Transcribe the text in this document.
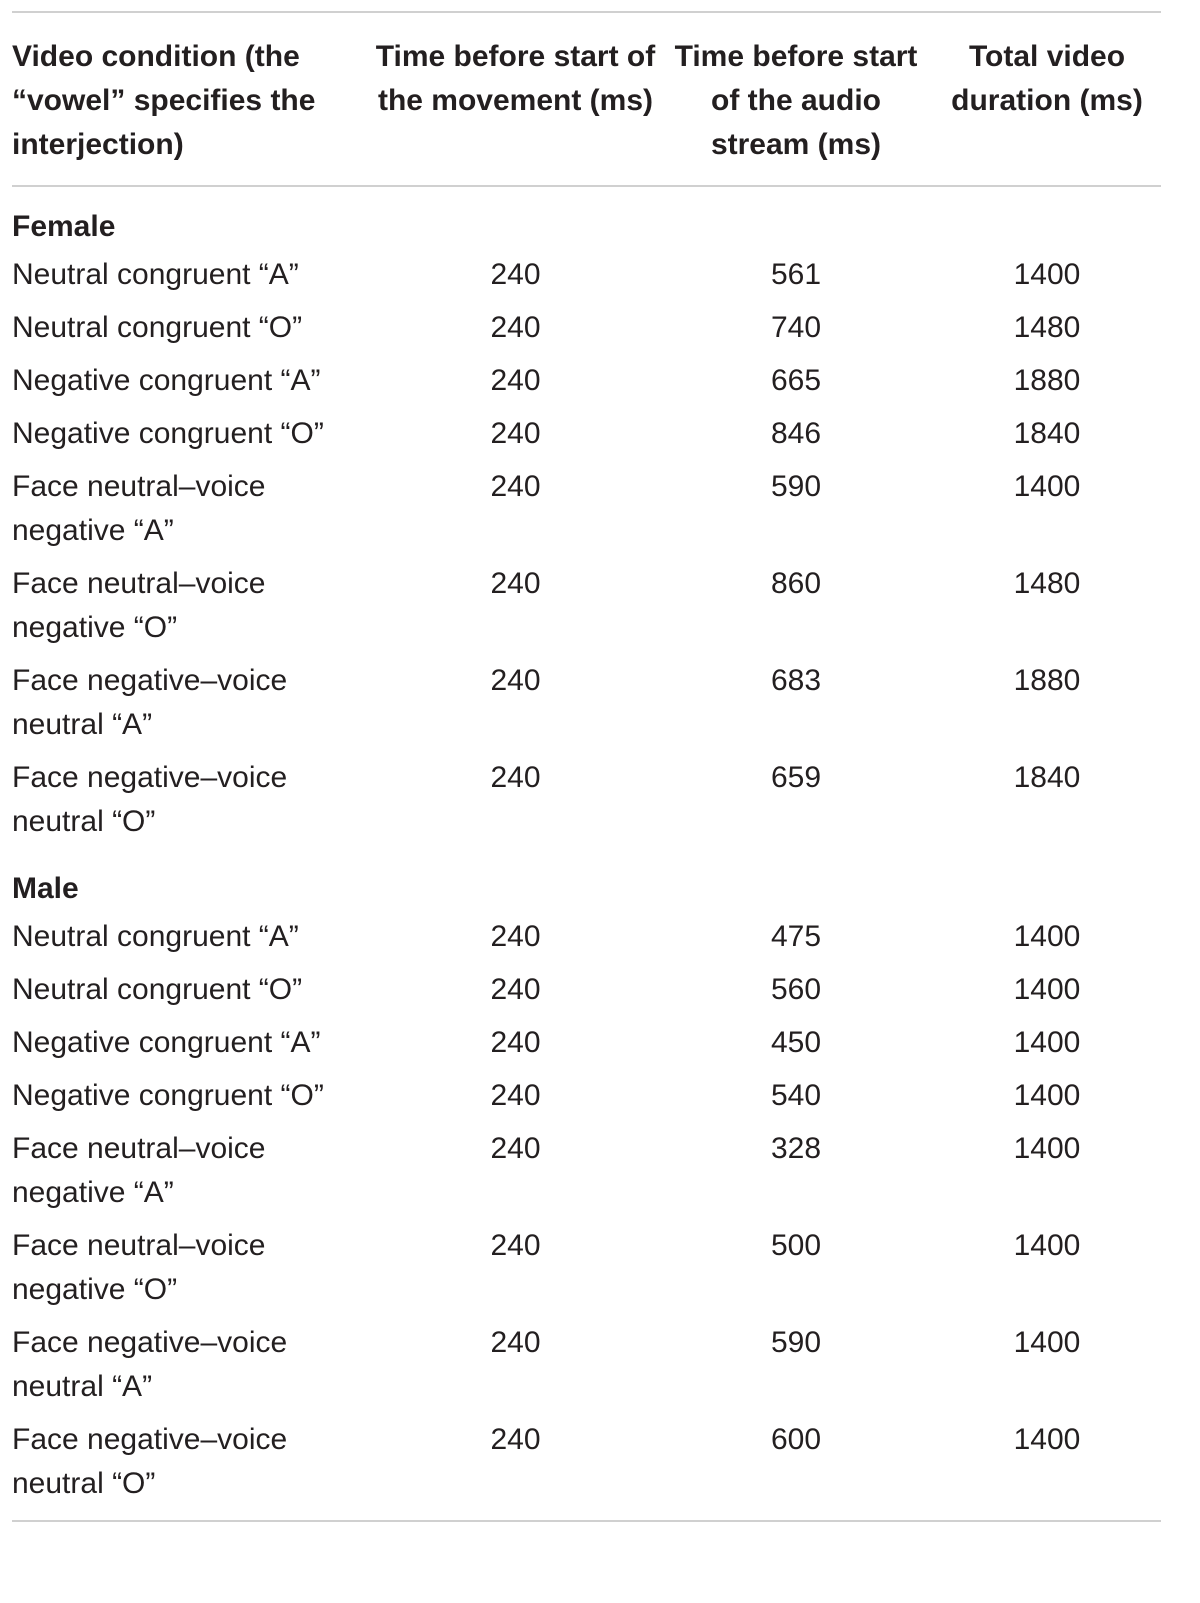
Video condition (the “vowel” specifies the interjection)	Time before start of the movement (ms)	Time before start of the audio stream (ms)	Total video duration (ms)
Female			
Neutral congruent “A”	240	561	1400
Neutral congruent “O”	240	740	1480
Negative congruent “A”	240	665	1880
Negative congruent “O”	240	846	1840
Face neutral–voice negative “A”	240	590	1400
Face neutral–voice negative “O”	240	860	1480
Face negative–voice neutral “A”	240	683	1880
Face negative–voice neutral “O”	240	659	1840
Male			
Neutral congruent “A”	240	475	1400
Neutral congruent “O”	240	560	1400
Negative congruent “A”	240	450	1400
Negative congruent “O”	240	540	1400
Face neutral–voice negative “A”	240	328	1400
Face neutral–voice negative “O”	240	500	1400
Face negative–voice neutral “A”	240	590	1400
Face negative–voice neutral “O”	240	600	1400
